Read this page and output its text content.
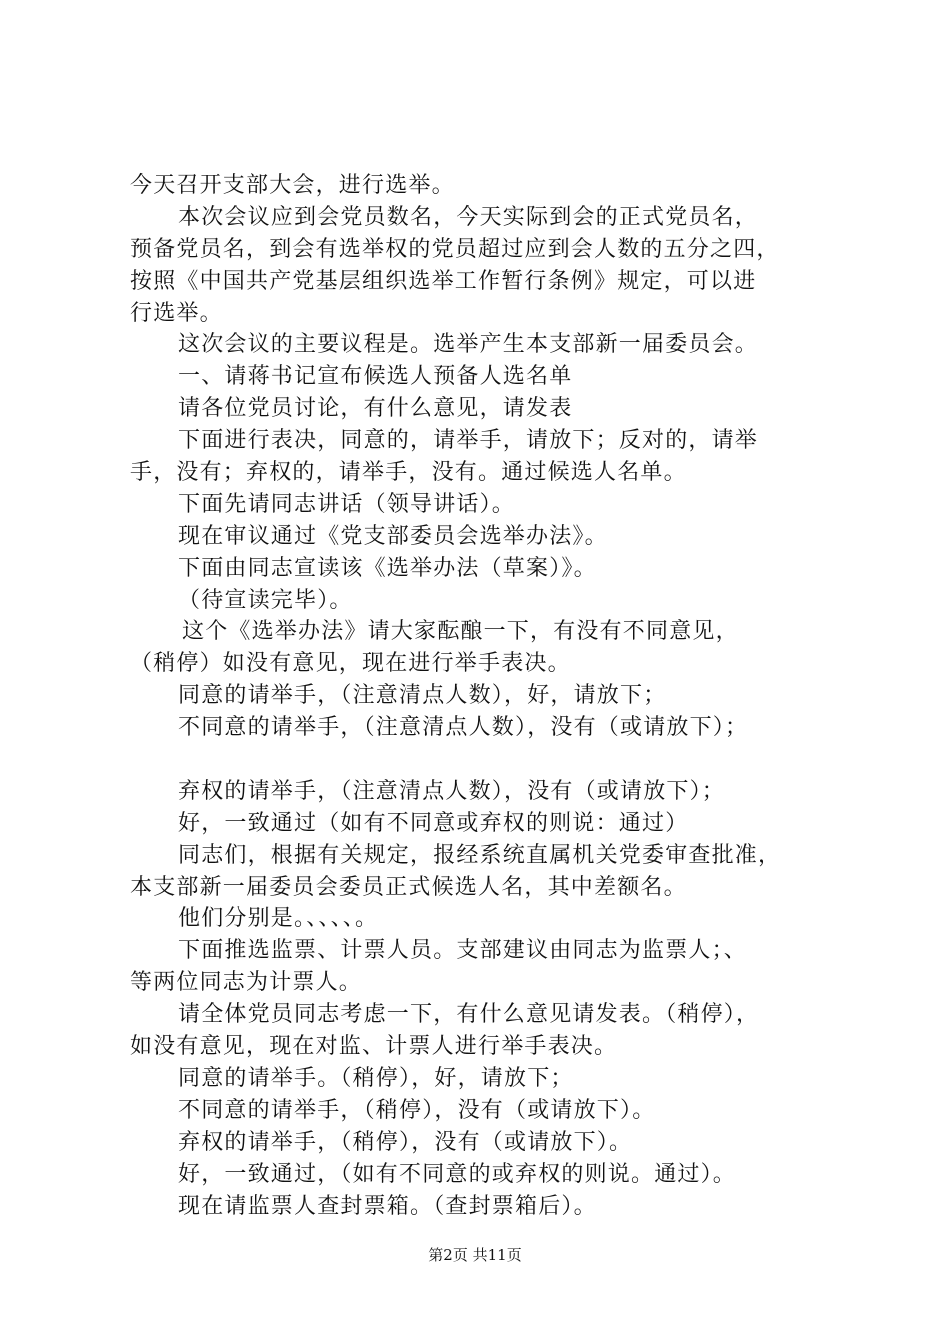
今天召开支部大会，进行选举。
本次会议应到会党员数名，今天实际到会的正式党员名，
预备党员名，到会有选举权的党员超过应到会人数的五分之四，
按照《中国共产党基层组织选举工作暂行条例》规定，可以进
行选举。
这次会议的主要议程是。选举产生本支部新一届委员会。
一、请蒋书记宣布候选人预备人选名单
请各位党员讨论，有什么意见，请发表
下面进行表决，同意的，请举手，请放下；反对的，请举
手，没有；弃权的，请举手，没有。通过候选人名单。
下面先请同志讲话（领导讲话）。
现在审议通过《党支部委员会选举办法》。
下面由同志宣读该《选举办法（草案）》。
（待宣读完毕）。
这个《选举办法》请大家酝酿一下，有没有不同意见，
（稍停）如没有意见，现在进行举手表决。
同意的请举手，（注意清点人数），好，请放下；
不同意的请举手，（注意清点人数），没有（或请放下）；
弃权的请举手，（注意清点人数），没有（或请放下）；
好，一致通过（如有不同意或弃权的则说：通过）
同志们，根据有关规定，报经系统直属机关党委审查批准，
本支部新一届委员会委员正式候选人名，其中差额名。
他们分别是。、、、、。
下面推选监票、计票人员。支部建议由同志为监票人；、
等两位同志为计票人。
请全体党员同志考虑一下，有什么意见请发表。（稍停），
如没有意见，现在对监、计票人进行举手表决。
同意的请举手。（稍停），好，请放下；
不同意的请举手，（稍停），没有（或请放下）。
弃权的请举手，（稍停），没有（或请放下）。
好，一致通过，（如有不同意的或弃权的则说。通过）。
现在请监票人查封票箱。（查封票箱后）。
第2页 共11页
